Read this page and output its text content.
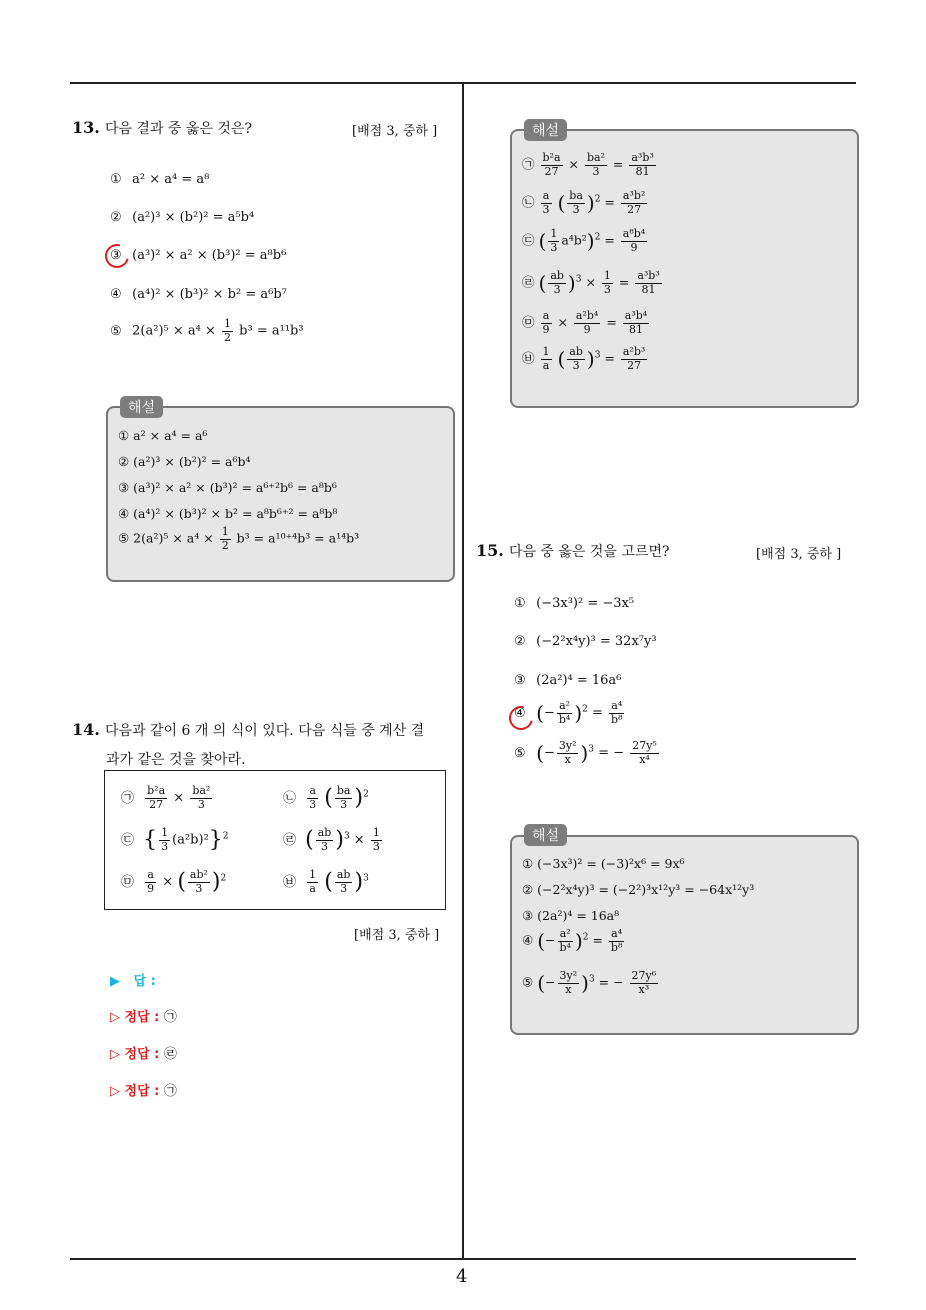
13. 다음 결과 중 옳은 것은?	[배점 3, 중하 ]
① a² × a⁴ = a⁸
② (a²)³ × (b²)² = a⁵b⁴
③ (a³)² × a² × (b³)² = a⁸b⁶
④ (a⁴)² × (b³)² × b² = a⁶b⁷
⑤ $2(a^2)^5 \times a^4 \times \frac{1}{2} b^3 = a^{11}b^3$
해설
① a² × a⁴ = a⁶
② (a²)³ × (b²)² = a⁶b⁴
③ (a³)² × a² × (b³)² = a⁶⁺²b⁶ = a⁸b⁶
④ (a⁴)² × (b³)² × b² = a⁸b⁶⁺² = a⁸b⁸
⑤ $2(a^2)^5 \times a^4 \times \frac{1}{2} b^3 = a^{10+4}b^3 = a^{14}b^3$
14. 다음과 같이 6 개 의 식이 있다. 다음 식들 중 계산 결
과가 같은 것을 찾아라.
㉠ $\frac{\text{b²a}}{27} \times \frac{\text{ba²}}{3}$	㉡ $\frac{a}{3}$ ( $\frac{ba}{3} )^2$
㉢ { $\frac{1}{3} (a^2b)^2\}^2$	㉣ ( $\frac{ab}{3} )^3 \times \frac{1}{3}$
㉤ $\frac{a}{9}$ × ( $\frac{\text{ab²}}{3} )^2$	㉥ $\frac{1}{a}$ ( $\frac{ab}{3} )^3$
[배점 3, 중하 ]
▶ 답 :
▷ 정답 : ㉠
▷ 정답 : ㉣
▷ 정답 : ㉠
해설
㉠ $\frac{\text{b²a}}{27} \times \frac{\text{ba²}}{3} = \frac{\text{a³b³}}{81}$
㉡ $\frac{a}{3}$ ( $\frac{ba}{3} )^2 = \frac{\text{a³b²}}{27}$
㉢ ( $\frac{1}{3} a^4b^2)^2 = \frac{\text{a⁸b⁴}}{9}$
㉣ ( $\frac{ab}{3} )^3 \times \frac{1}{3} = \frac{\text{a³b³}}{81}$
㉤ $\frac{a}{9} \times \frac{\text{a²b⁴}}{9} = \frac{\text{a³b⁴}}{81}$
㉥ $\frac{1}{a}$ ( $\frac{ab}{3} )^3 = \frac{\text{a²b³}}{27}$
15. 다음 중 옳은 것을 고르면?	[배점 3, 중하 ]
① (−3x³)² = −3x⁵
② (−2²x⁴y)³ = 32x⁷y³
③ (2a²)⁴ = 16a⁶
④ (− $\frac{\text{a²}}{\text{b⁴}} )^2 = \frac{\text{a⁴}}{\text{b⁸}}$
⑤ (− $\frac{\text{3y²}}{x} )^3$ = − $\frac{\text{27y⁵}}{\text{x⁴}}$
해설
① (−3x³)² = (−3)²x⁶ = 9x⁶
② (−2²x⁴y)³ = (−2²)³x¹²y³ = −64x¹²y³
③ (2a²)⁴ = 16a⁸
④ (− $\frac{\text{a²}}{\text{b⁴}} )^2 = \frac{\text{a⁴}}{\text{b⁸}}$
⑤ (− $\frac{\text{3y²}}{x} )^3$ = − $\frac{\text{27y⁶}}{\text{x³}}$
4
